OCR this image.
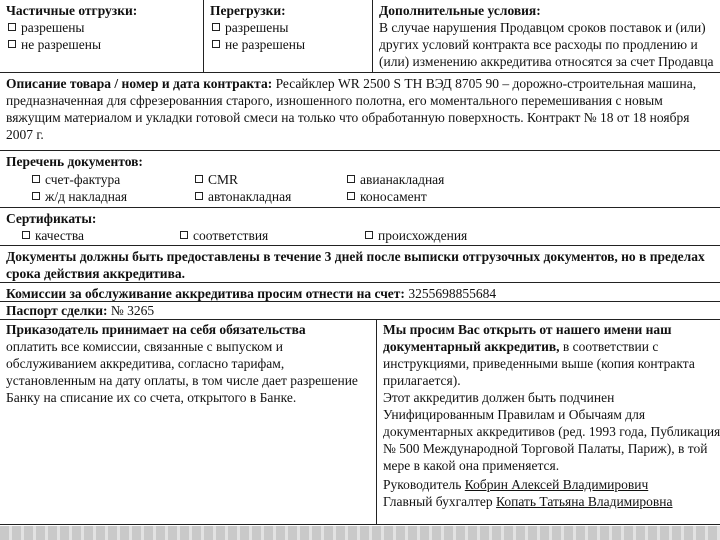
Частичные отгрузки:
разрешены
не разрешены
Перегрузки:
разрешены
не разрешены
Дополнительные условия:
В случае нарушения Продавцом сроков поставок и (или)
других условий контракта все расходы по продлению и
(или) изменению аккредитива относятся за счет Продавца
Описание товара / номер и дата контракта: Ресайклер WR 2500 S ТН ВЭД 8705 90 – дорожно-строительная машина,
предназначенная для сфрезерованния старого, изношенного полотна, его моментального перемешивания с новым
вяжущим материалом и укладки готовой смеси на только что обработанную поверхность. Контракт № 18 от 18 ноября
2007 г.
Перечень документов:
счет-фактура	CMR	авианакладная
ж/д накладная	автонакладная	коносамент
Сертификаты:
качества	соответствия	происхождения
Документы должны быть предоставлены в течение 3 дней после выписки отгрузочных документов, но в пределах
срока действия аккредитива.
Комиссии за обслуживание аккредитива просим отнести на счет: 3255698855684
Паспорт сделки: № 3265
Приказодатель принимает на себя обязательства
оплатить все комиссии, связанные с выпуском и
обслуживанием аккредитива, согласно тарифам,
установленным на дату оплаты, в том числе дает разрешение
Банку на списание их со счета, открытого в Банке.
Мы просим Вас открыть от нашего имени наш
документарный аккредитив, в соответствии с
инструкциями, приведенными выше (копия контракта
прилагается).
Этот аккредитив должен быть подчинен
Унифицированным Правилам и Обычаям для
документарных аккредитивов (ред. 1993 года, Публикация
№ 500 Международной Торговой Палаты, Париж), в той
мере в какой она применяется.
Руководитель Кобрин Алексей Владимирович
Главный бухгалтер Копать Татьяна Владимировна
